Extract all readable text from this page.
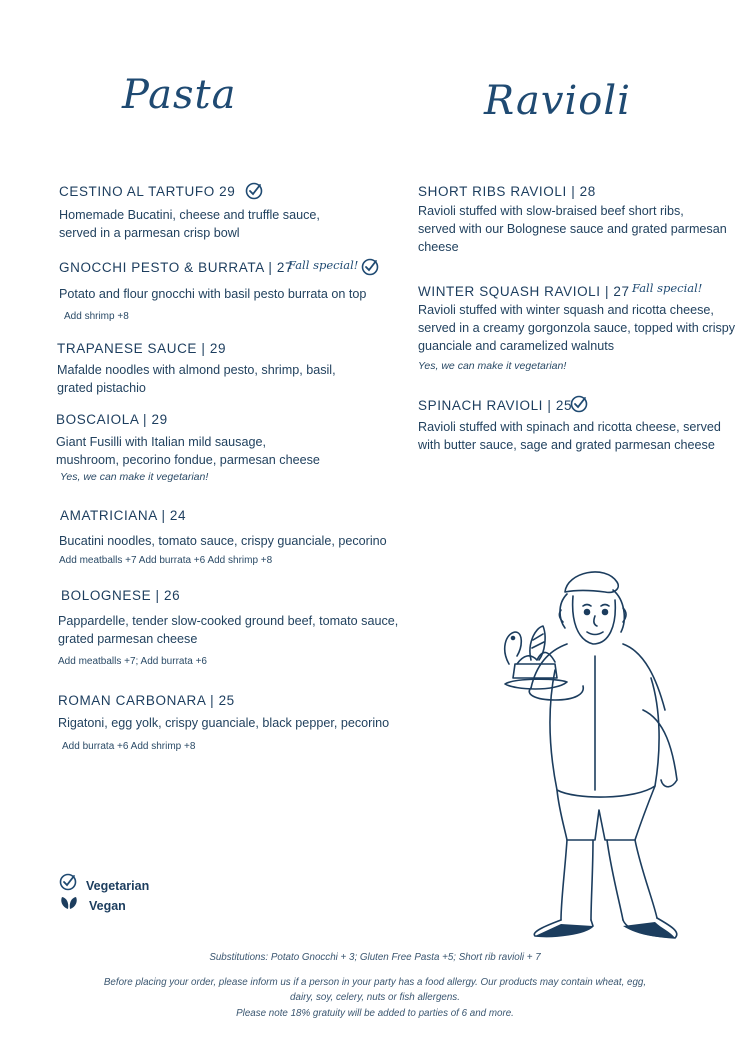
Pasta	Ravioli
CESTINO AL TARTUFO 29
Homemade Bucatini, cheese and truffle sauce,
served in a parmesan crisp bowl
GNOCCHI PESTO & BURRATA | 27
Fall special!
Potato and flour gnocchi with basil pesto burrata on top
Add shrimp +8
TRAPANESE SAUCE | 29
Mafalde noodles with almond pesto, shrimp, basil,
grated pistachio
BOSCAIOLA | 29
Giant Fusilli with Italian mild sausage,
mushroom, pecorino fondue, parmesan cheese
Yes, we can make it vegetarian!
AMATRICIANA | 24
Bucatini noodles, tomato sauce, crispy guanciale, pecorino
Add meatballs +7 Add burrata +6 Add shrimp +8
BOLOGNESE | 26
Pappardelle, tender slow-cooked ground beef, tomato sauce,
grated parmesan cheese
Add meatballs +7; Add burrata +6
ROMAN CARBONARA | 25
Rigatoni, egg yolk, crispy guanciale, black pepper, pecorino
Add burrata +6 Add shrimp +8
SHORT RIBS RAVIOLI | 28
Ravioli stuffed with slow-braised beef short ribs,
served with our Bolognese sauce and grated parmesan
cheese
WINTER SQUASH RAVIOLI | 27 Fall special!
Ravioli stuffed with winter squash and ricotta cheese,
served in a creamy gorgonzola sauce, topped with crispy
guanciale and caramelized walnuts
Yes, we can make it vegetarian!
SPINACH RAVIOLI | 25
Ravioli stuffed with spinach and ricotta cheese, served
with butter sauce, sage and grated parmesan cheese
Vegetarian
Vegan
Substitutions: Potato Gnocchi + 3; Gluten Free Pasta +5; Short rib ravioli + 7
Before placing your order, please inform us if a person in your party has a food allergy. Our products may contain wheat, egg,
dairy, soy, celery, nuts or fish allergens.
Please note 18% gratuity will be added to parties of 6 and more.
